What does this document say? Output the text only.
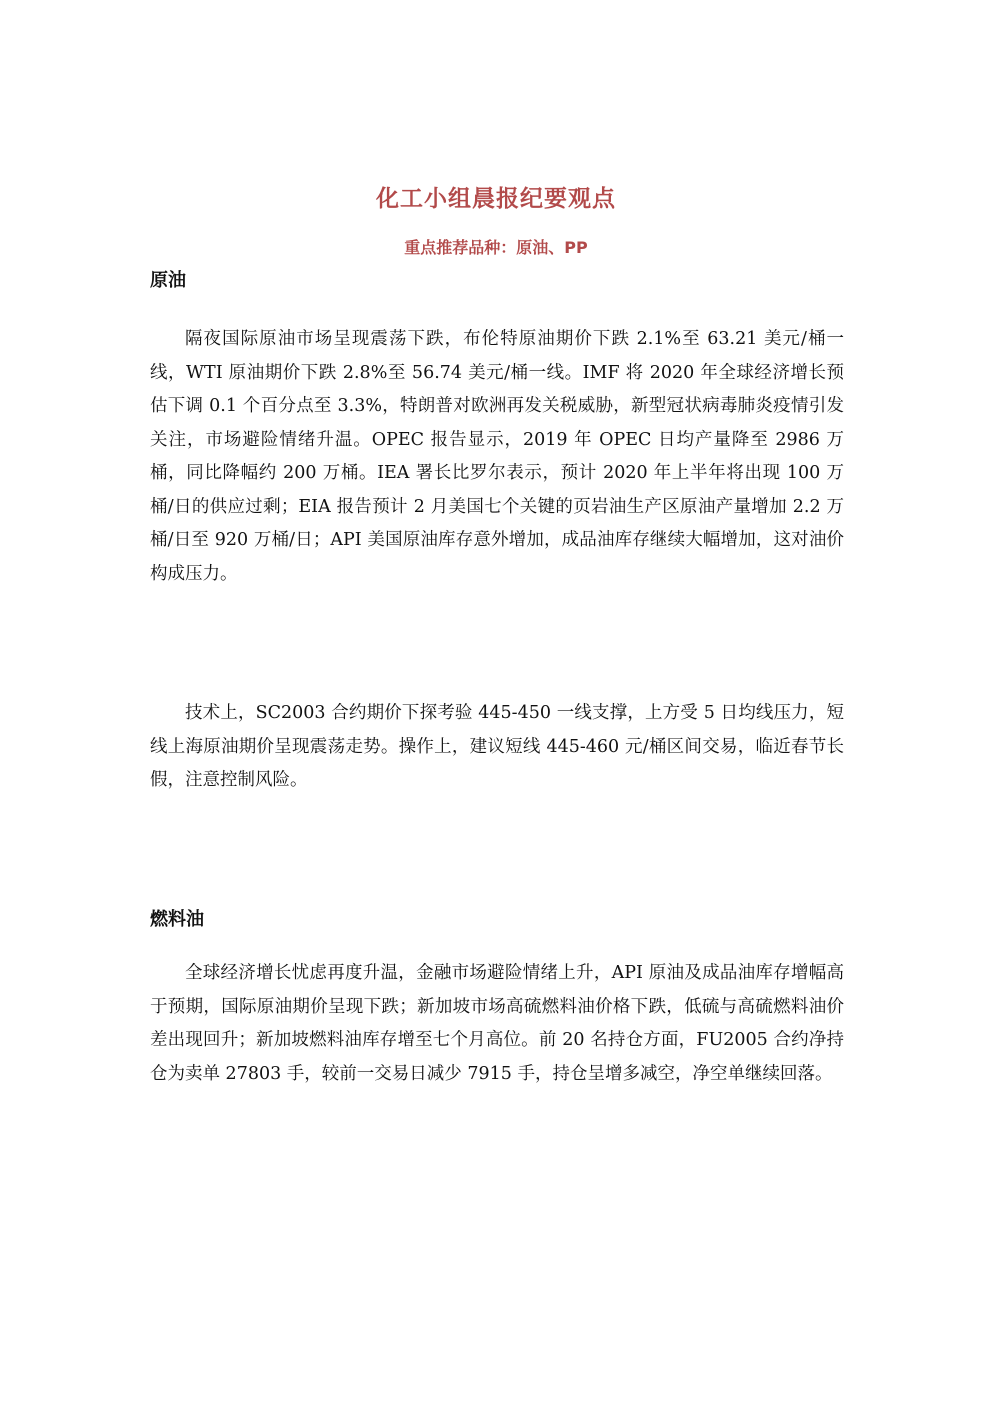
化工小组晨报纪要观点
重点推荐品种：原油、PP
原油

隔夜国际原油市场呈现震荡下跌，布伦特原油期价下跌 2.1%至 63.21 美元/桶一线，WTI 原油期价下跌 2.8%至 56.74 美元/桶一线。IMF 将 2020 年全球经济增长预估下调 0.1 个百分点至 3.3%，特朗普对欧洲再发关税威胁，新型冠状病毒肺炎疫情引发关注，市场避险情绪升温。OPEC 报告显示，2019 年 OPEC 日均产量降至 2986 万桶，同比降幅约 200 万桶。IEA 署长比罗尔表示，预计 2020 年上半年将出现 100 万桶/日的供应过剩；EIA 报告预计 2 月美国七个关键的页岩油生产区原油产量增加 2.2 万桶/日至 920 万桶/日；API 美国原油库存意外增加，成品油库存继续大幅增加，这对油价构成压力。

技术上，SC2003 合约期价下探考验 445-450 一线支撑，上方受 5 日均线压力，短线上海原油期价呈现震荡走势。操作上，建议短线 445-460 元/桶区间交易，临近春节长假，注意控制风险。

燃料油

全球经济增长忧虑再度升温，金融市场避险情绪上升，API 原油及成品油库存增幅高于预期，国际原油期价呈现下跌；新加坡市场高硫燃料油价格下跌，低硫与高硫燃料油价差出现回升；新加坡燃料油库存增至七个月高位。前 20 名持仓方面，FU2005 合约净持仓为卖单 27803 手，较前一交易日减少 7915 手，持仓呈增多减空，净空单继续回落。
